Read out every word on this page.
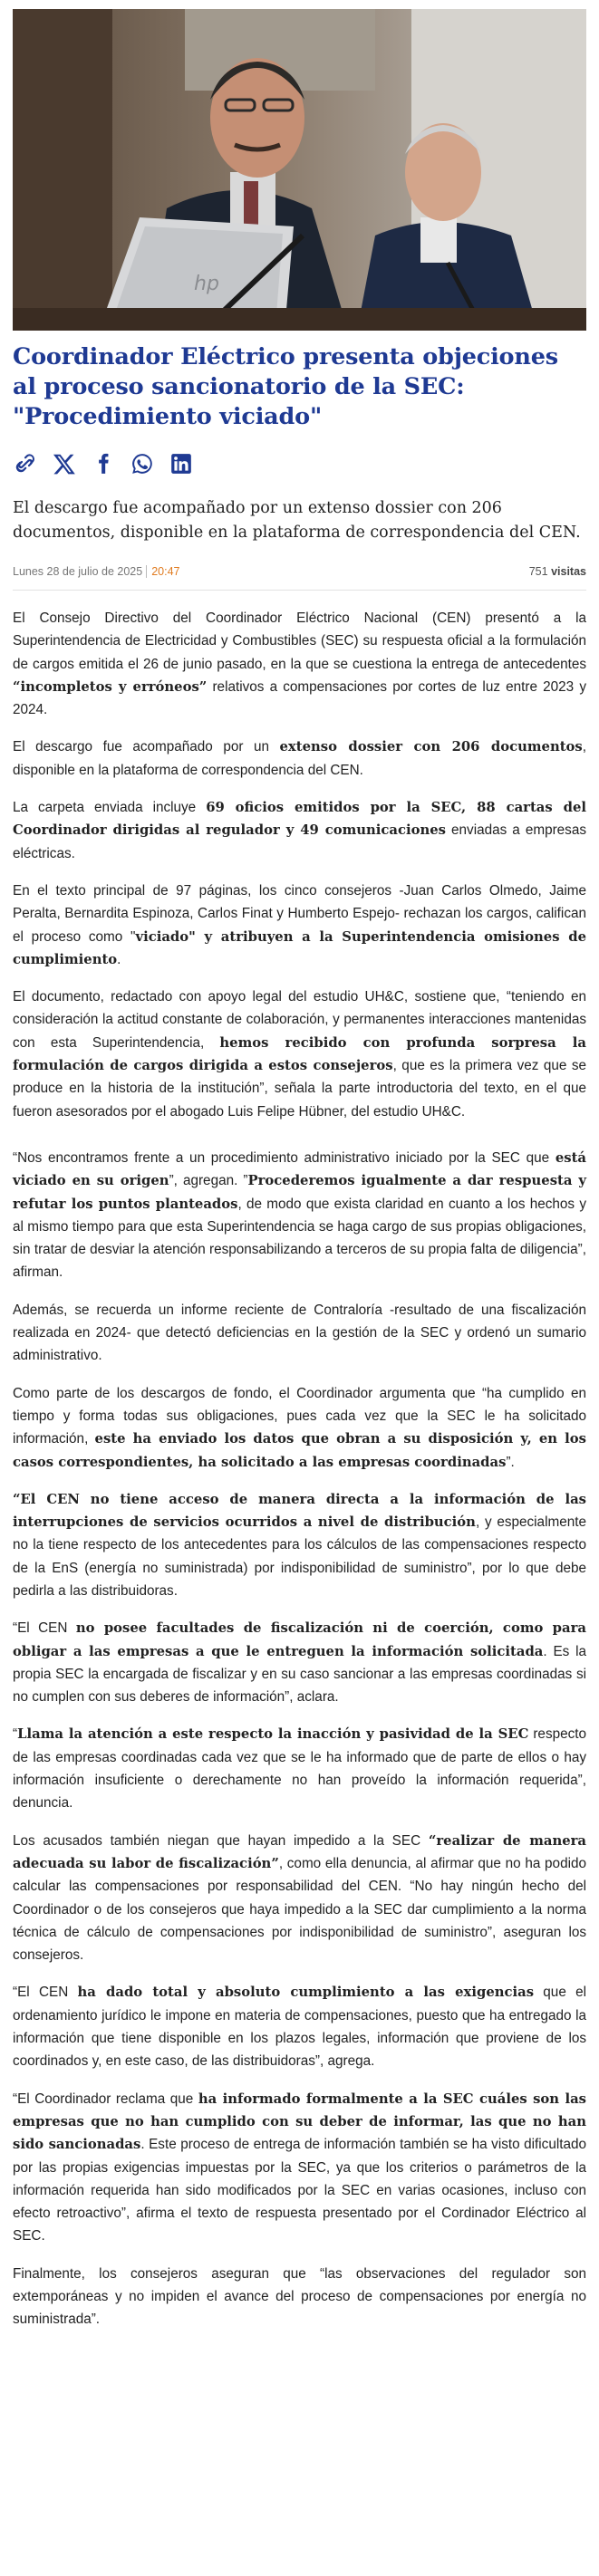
hp
Coordinador Eléctrico presenta objeciones al proceso sancionatorio de la SEC: "Procedimiento viciado"

El descargo fue acompañado por un extenso dossier con 206 documentos, disponible en la plataforma de correspondencia del CEN.

Lunes 28 de julio de 2025 20:47	751 visitas

El Consejo Directivo del Coordinador Eléctrico Nacional (CEN) presentó a la Superintendencia de Electricidad y Combustibles (SEC) su respuesta oficial a la formulación de cargos emitida el 26 de junio pasado, en la que se cuestiona la entrega de antecedentes “incompletos y erróneos” relativos a compensaciones por cortes de luz entre 2023 y 2024.

El descargo fue acompañado por un extenso dossier con 206 documentos, disponible en la plataforma de correspondencia del CEN.

La carpeta enviada incluye 69 oficios emitidos por la SEC, 88 cartas del Coordinador dirigidas al regulador y 49 comunicaciones enviadas a empresas eléctricas.

En el texto principal de 97 páginas, los cinco consejeros -Juan Carlos Olmedo, Jaime Peralta, Bernardita Espinoza, Carlos Finat y Humberto Espejo- rechazan los cargos, califican el proceso como "viciado" y atribuyen a la Superintendencia omisiones de cumplimiento.

El documento, redactado con apoyo legal del estudio UH&C, sostiene que, “teniendo en consideración la actitud constante de colaboración, y permanentes interacciones mantenidas con esta Superintendencia, hemos recibido con profunda sorpresa la formulación de cargos dirigida a estos consejeros, que es la primera vez que se produce en la historia de la institución”, señala la parte introductoria del texto, en el que fueron asesorados por el abogado Luis Felipe Hübner, del estudio UH&C.

“Nos encontramos frente a un procedimiento administrativo iniciado por la SEC que está viciado en su origen”, agregan. ”Procederemos igualmente a dar respuesta y refutar los puntos planteados, de modo que exista claridad en cuanto a los hechos y al mismo tiempo para que esta Superintendencia se haga cargo de sus propias obligaciones, sin tratar de desviar la atención responsabilizando a terceros de su propia falta de diligencia”, afirman.

Además, se recuerda un informe reciente de Contraloría -resultado de una fiscalización realizada en 2024- que detectó deficiencias en la gestión de la SEC y ordenó un sumario administrativo.

Como parte de los descargos de fondo, el Coordinador argumenta que “ha cumplido en tiempo y forma todas sus obligaciones, pues cada vez que la SEC le ha solicitado información, este ha enviado los datos que obran a su disposición y, en los casos correspondientes, ha solicitado a las empresas coordinadas”.

“El CEN no tiene acceso de manera directa a la información de las interrupciones de servicios ocurridos a nivel de distribución, y especialmente no la tiene respecto de los antecedentes para los cálculos de las compensaciones respecto de la EnS (energía no suministrada) por indisponibilidad de suministro”, por lo que debe pedirla a las distribuidoras.

“El CEN no posee facultades de fiscalización ni de coerción, como para obligar a las empresas a que le entreguen la información solicitada. Es la propia SEC la encargada de fiscalizar y en su caso sancionar a las empresas coordinadas si no cumplen con sus deberes de información”, aclara.

“Llama la atención a este respecto la inacción y pasividad de la SEC respecto de las empresas coordinadas cada vez que se le ha informado que de parte de ellos o hay información insuficiente o derechamente no han proveído la información requerida”, denuncia.

Los acusados también niegan que hayan impedido a la SEC “realizar de manera adecuada su labor de fiscalización”, como ella denuncia, al afirmar que no ha podido calcular las compensaciones por responsabilidad del CEN. “No hay ningún hecho del Coordinador o de los consejeros que haya impedido a la SEC dar cumplimiento a la norma técnica de cálculo de compensaciones por indisponibilidad de suministro”, aseguran los consejeros.

“El CEN ha dado total y absoluto cumplimiento a las exigencias que el ordenamiento jurídico le impone en materia de compensaciones, puesto que ha entregado la información que tiene disponible en los plazos legales, información que proviene de los coordinados y, en este caso, de las distribuidoras”, agrega.

“El Coordinador reclama que ha informado formalmente a la SEC cuáles son las empresas que no han cumplido con su deber de informar, las que no han sido sancionadas. Este proceso de entrega de información también se ha visto dificultado por las propias exigencias impuestas por la SEC, ya que los criterios o parámetros de la información requerida han sido modificados por la SEC en varias ocasiones, incluso con efecto retroactivo”, afirma el texto de respuesta presentado por el Cordinador Eléctrico al SEC.

Finalmente, los consejeros aseguran que “las observaciones del regulador son extemporáneas y no impiden el avance del proceso de compensaciones por energía no suministrada”.
